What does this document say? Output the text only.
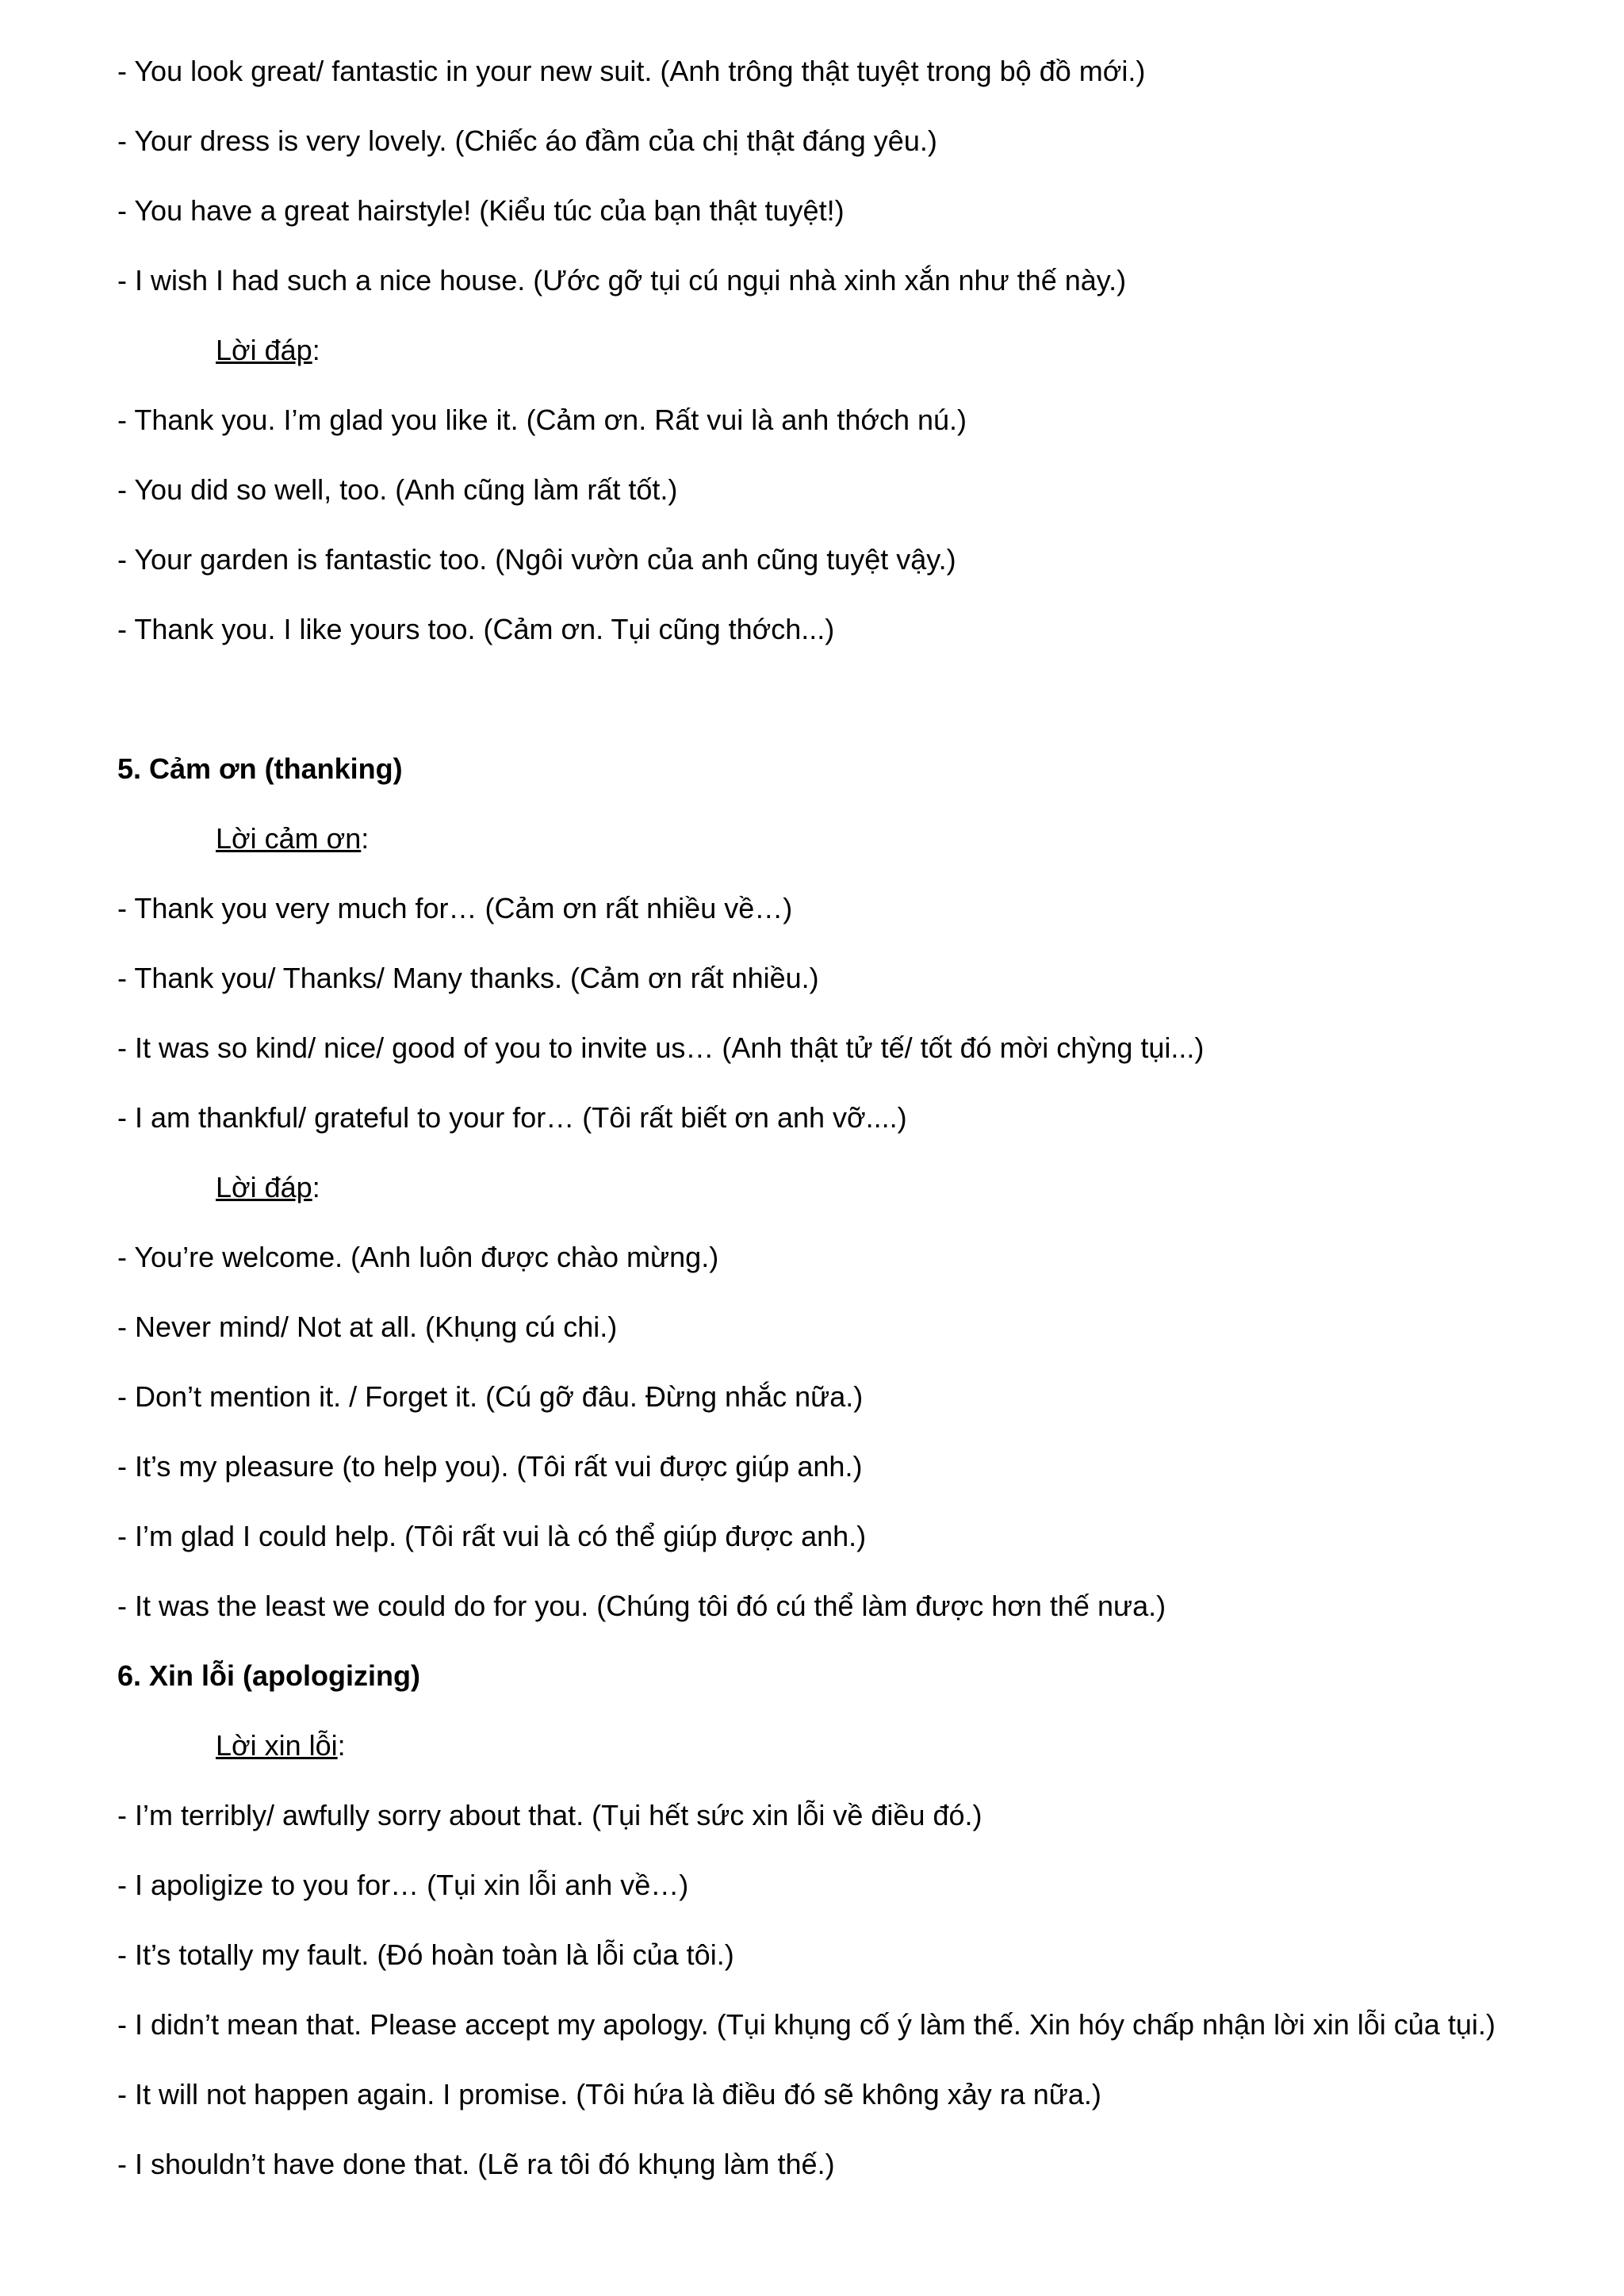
- You look great/ fantastic in your new suit. (Anh trông thật tuyệt trong bộ đồ mới.)
- Your dress is very lovely. (Chiếc áo đầm của chị thật đáng yêu.)
- You have a great hairstyle! (Kiểu túc của bạn thật tuyệt!)
- I wish I had such a nice house. (Ước gỡ tụi cú ngụi nhà xinh xắn như thế này.)
Lời đáp:
- Thank you. I’m glad you like it. (Cảm ơn. Rất vui là anh thớch nú.)
- You did so well, too. (Anh cũng làm rất tốt.)
- Your garden is fantastic too. (Ngôi vườn của anh cũng tuyệt vậy.)
- Thank you. I like yours too. (Cảm ơn. Tụi cũng thớch...)
5. Cảm ơn (thanking)
Lời cảm ơn:
- Thank you very much for… (Cảm ơn rất nhiều về…)
- Thank you/ Thanks/ Many thanks. (Cảm ơn rất nhiều.)
- It was so kind/ nice/ good of you to invite us… (Anh thật tử tế/ tốt đó mời chỳng tụi...)
- I am thankful/ grateful to your for… (Tôi rất biết ơn anh vỡ....)
Lời đáp:
- You’re welcome. (Anh luôn được chào mừng.)
- Never mind/ Not at all. (Khụng cú chi.)
- Don’t mention it. / Forget it. (Cú gỡ đâu. Đừng nhắc nữa.)
- It’s my pleasure (to help you). (Tôi rất vui được giúp anh.)
- I’m glad I could help. (Tôi rất vui là có thể giúp được anh.)
- It was the least we could do for you. (Chúng tôi đó cú thể làm được hơn thế nưa.)
6. Xin lỗi (apologizing)
Lời xin lỗi:
- I’m terribly/ awfully sorry about that. (Tụi hết sức xin lỗi về điều đó.)
- I apoligize to you for… (Tụi xin lỗi anh về…)
- It’s totally my fault. (Đó hoàn toàn là lỗi của tôi.)
- I didn’t mean that. Please accept my apology. (Tụi khụng cố ý làm thế. Xin hóy chấp nhận lời xin lỗi của tụi.)
- It will not happen again. I promise. (Tôi hứa là điều đó sẽ không xảy ra nữa.)
- I shouldn’t have done that. (Lẽ ra tôi đó khụng làm thế.)
